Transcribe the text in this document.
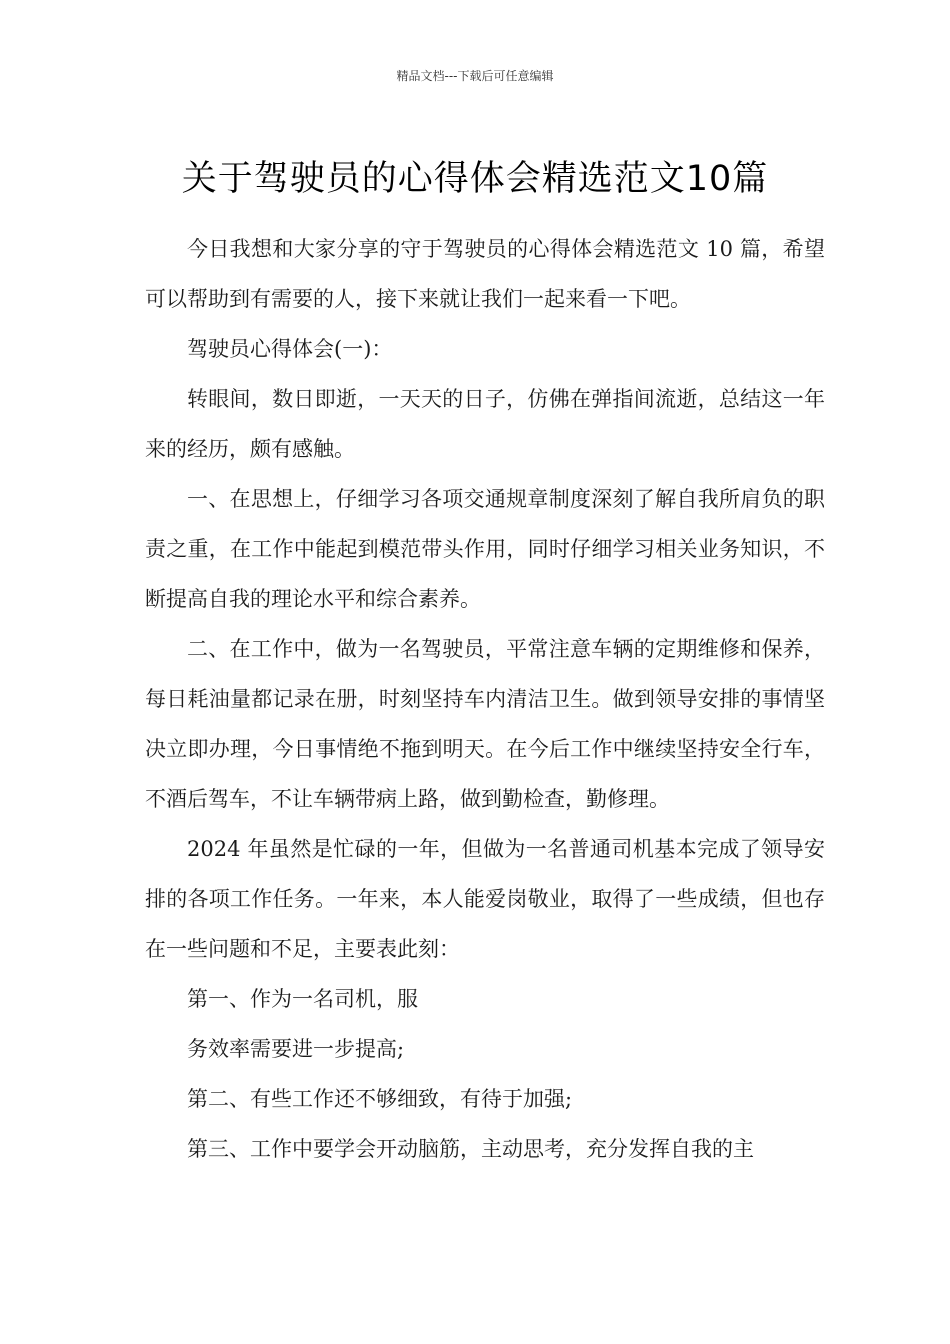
精品文档---下载后可任意编辑
关于驾驶员的心得体会精选范文10篇

今日我想和大家分享的守于驾驶员的心得体会精选范文 10 篇，希望可以帮助到有需要的人，接下来就让我们一起来看一下吧。

驾驶员心得体会(一)：

转眼间，数日即逝，一天天的日子，仿佛在弹指间流逝，总结这一年来的经历，颇有感触。

一、在思想上，仔细学习各项交通规章制度深刻了解自我所肩负的职责之重，在工作中能起到模范带头作用，同时仔细学习相关业务知识，不断提高自我的理论水平和综合素养。

二、在工作中，做为一名驾驶员，平常注意车辆的定期维修和保养，每日耗油量都记录在册，时刻坚持车内清洁卫生。做到领导安排的事情坚决立即办理，今日事情绝不拖到明天。在今后工作中继续坚持安全行车，不酒后驾车，不让车辆带病上路，做到勤检查，勤修理。

2024 年虽然是忙碌的一年，但做为一名普通司机基本完成了领导安排的各项工作任务。一年来，本人能爱岗敬业，取得了一些成绩，但也存在一些问题和不足，主要表此刻：

第一、作为一名司机，服

务效率需要进一步提高;

第二、有些工作还不够细致，有待于加强;

第三、工作中要学会开动脑筋，主动思考，充分发挥自我的主
